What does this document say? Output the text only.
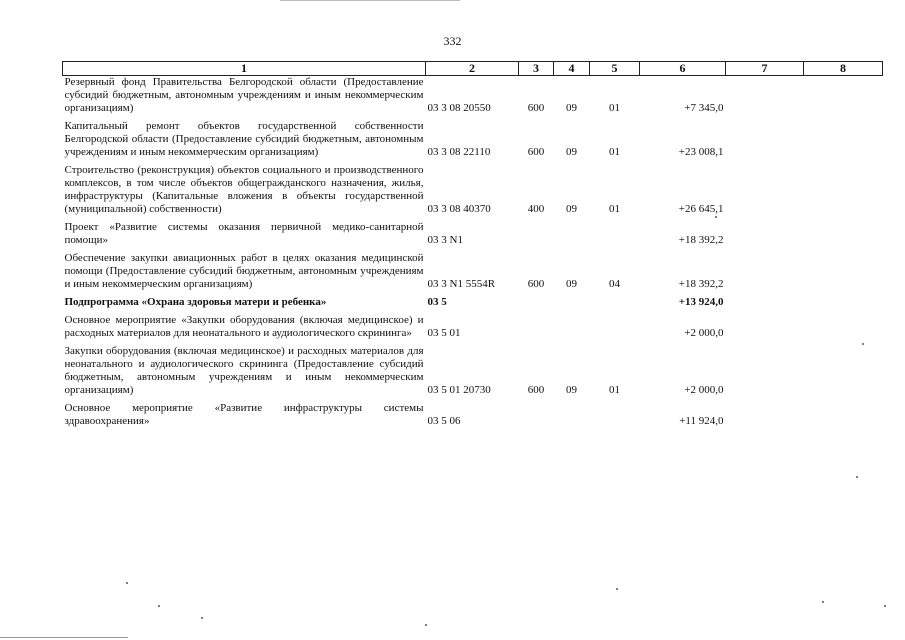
332
1	2	3	4	5	6	7	8
Резервный фонд Правительства Белгородской области (Предоставление субсидий бюджетным, автономным учреждениям и иным некоммерческим организациям)	03 3 08 20550	600	09	01	+7 345,0		
Капитальный ремонт объектов государственной собственности Белгородской области (Предоставление субсидий бюджетным, автономным учреждениям и иным некоммерческим организациям)	03 3 08 22110	600	09	01	+23 008,1		
Строительство (реконструкция) объектов социального и производственного комплексов, в том числе объектов общегражданского назначения, жилья, инфраструктуры (Капитальные вложения в объекты государственной (муниципальной) собственности)	03 3 08 40370	400	09	01	+26 645,1		
Проект «Развитие системы оказания первичной медико-санитарной помощи»	03 3 N1				+18 392,2		
Обеспечение закупки авиационных работ в целях оказания медицинской помощи (Предоставление субсидий бюджетным, автономным учреждениям и иным некоммерческим организациям)	03 3 N1 5554R	600	09	04	+18 392,2		
Подпрограмма «Охрана здоровья матери и ребенка»	03 5				+13 924,0		
Основное мероприятие «Закупки оборудования (включая медицинское) и расходных материалов для неонатального и аудиологического скрининга»	03 5 01				+2 000,0		
Закупки оборудования (включая медицинское) и расходных материалов для неонатального и аудиологического скрининга (Предоставление субсидий бюджетным, автономным учреждениям и иным некоммерческим организациям)	03 5 01 20730	600	09	01	+2 000,0		
Основное мероприятие «Развитие инфраструктуры системы здравоохранения»	03 5 06				+11 924,0		
